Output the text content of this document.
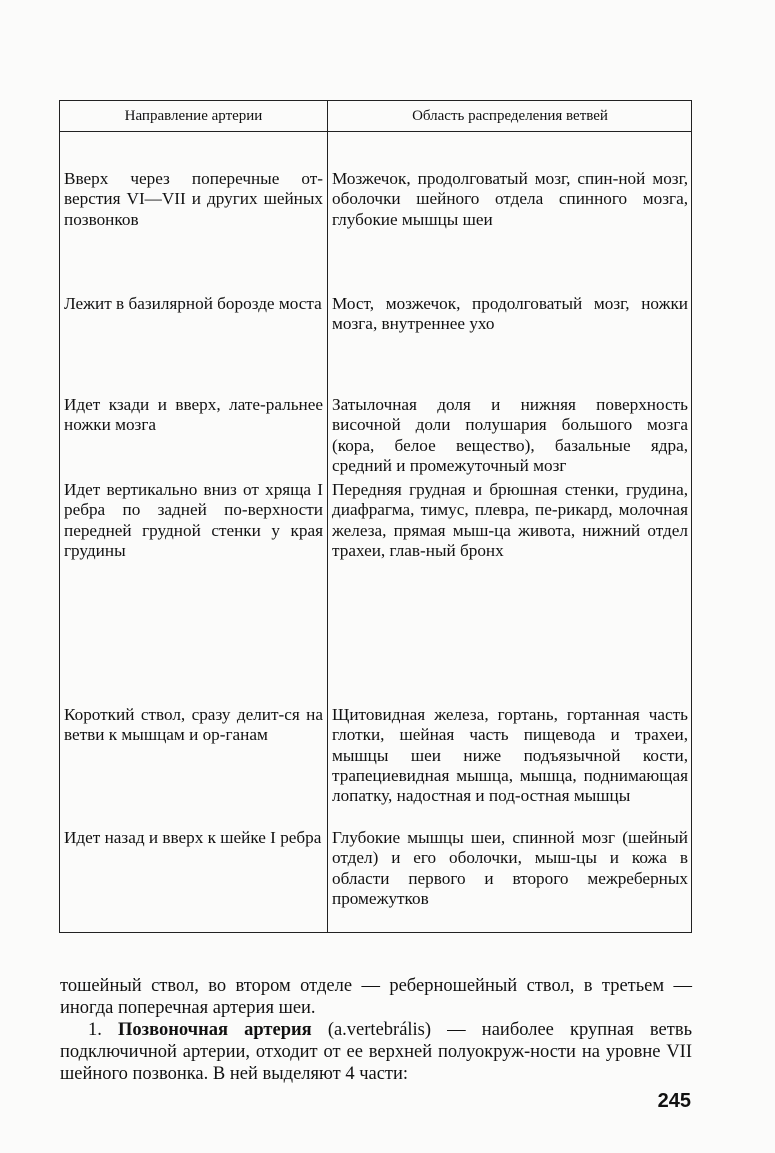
Направление артерии	Область распределения ветвей
Вверх через поперечные от-верстия VI—VII и других шейных позвонков
Мозжечок, продолговатый мозг, спин-ной мозг, оболочки шейного отдела спинного мозга, глубокие мышцы шеи
Лежит в базилярной борозде моста Мост, мозжечок, продолговатый мозг, ножки мозга, внутреннее ухо
Идет кзади и вверх, лате-ральнее ножки мозга
Затылочная доля и нижняя поверхность височной доли полушария большого мозга (кора, белое вещество), базальные ядра, средний и промежуточный мозг
Идет вертикально вниз от хряща I ребра по задней по-верхности передней грудной стенки у края грудины
Передняя грудная и брюшная стенки, грудина, диафрагма, тимус, плевра, пе-рикард, молочная железа, прямая мыш-ца живота, нижний отдел трахеи, глав-ный бронх
Короткий ствол, сразу делит-ся на ветви к мышцам и ор-ганам
Щитовидная железа, гортань, гортанная часть глотки, шейная часть пищевода и трахеи, мышцы шеи ниже подъязычной кости, трапециевидная мышца, мышца, поднимающая лопатку, надостная и под-остная мышцы
Идет назад и вверх к шейке I ребра Глубокие мышцы шеи, спинной мозг (шейный отдел) и его оболочки, мыш-цы и кожа в области первого и второго межреберных промежутков
тошейный ствол, во втором отделе — реберношейный ствол, в третьем — иногда поперечная артерия шеи.
1. Позвоночная артерия (a.vertebrális) — наиболее крупная ветвь подключичной артерии, отходит от ее верхней полуокруж-ности на уровне VII шейного позвонка. В ней выделяют 4 части:
245
